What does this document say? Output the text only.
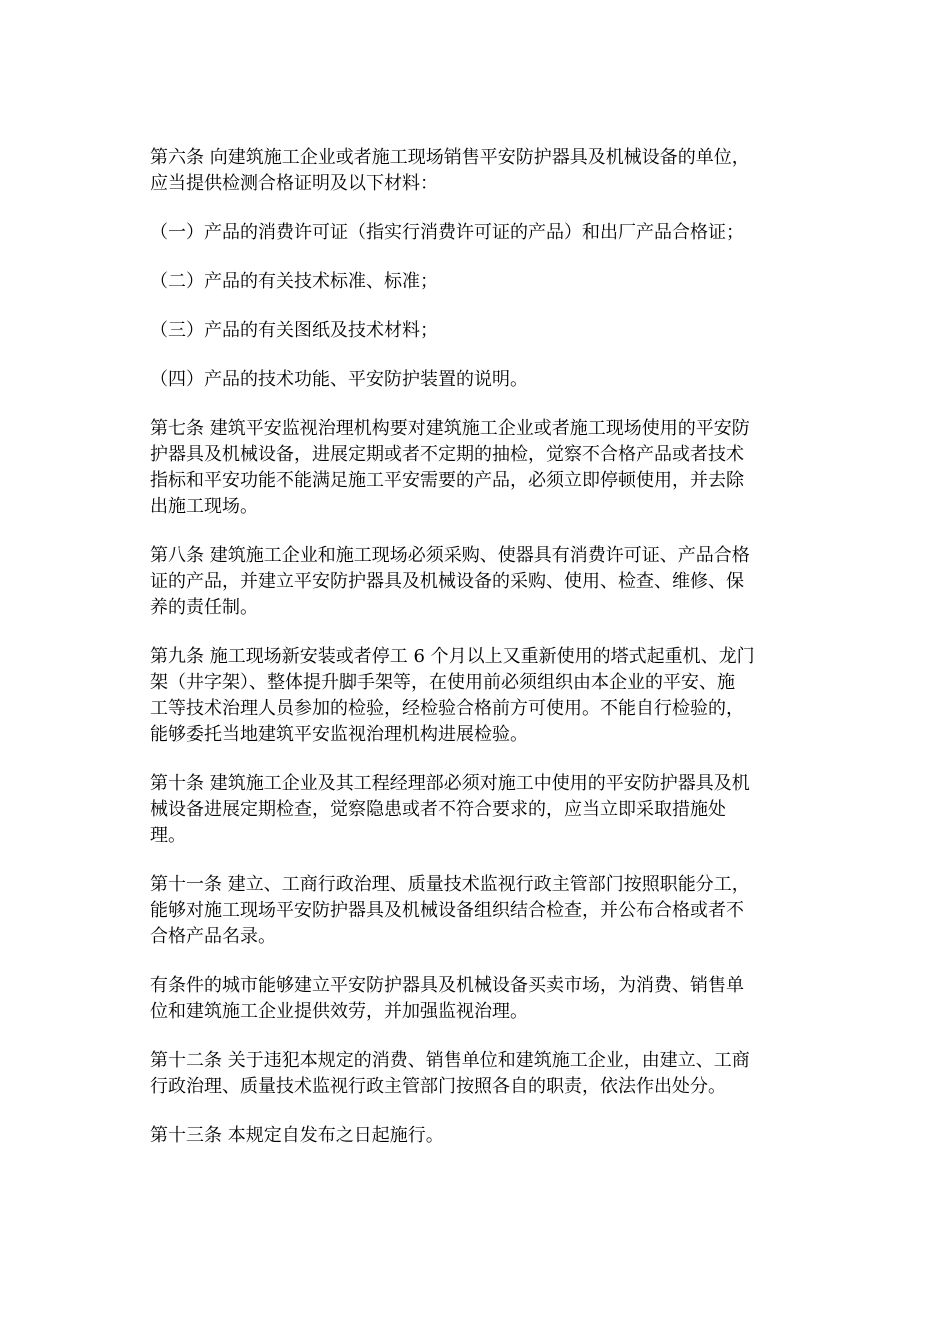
第六条 向建筑施工企业或者施工现场销售平安防护器具及机械设备的单位，
应当提供检测合格证明及以下材料：

（一）产品的消费许可证（指实行消费许可证的产品）和出厂产品合格证；

（二）产品的有关技术标准、标准；

（三）产品的有关图纸及技术材料；

（四）产品的技术功能、平安防护装置的说明。

第七条 建筑平安监视治理机构要对建筑施工企业或者施工现场使用的平安防
护器具及机械设备，进展定期或者不定期的抽检，觉察不合格产品或者技术
指标和平安功能不能满足施工平安需要的产品，必须立即停顿使用，并去除
出施工现场。

第八条 建筑施工企业和施工现场必须采购、使器具有消费许可证、产品合格
证的产品，并建立平安防护器具及机械设备的采购、使用、检查、维修、保
养的责任制。

第九条 施工现场新安装或者停工 6 个月以上又重新使用的塔式起重机、龙门
架（井字架）、整体提升脚手架等，在使用前必须组织由本企业的平安、施
工等技术治理人员参加的检验，经检验合格前方可使用。不能自行检验的，
能够委托当地建筑平安监视治理机构进展检验。

第十条 建筑施工企业及其工程经理部必须对施工中使用的平安防护器具及机
械设备进展定期检查，觉察隐患或者不符合要求的，应当立即采取措施处
理。

第十一条 建立、工商行政治理、质量技术监视行政主管部门按照职能分工，
能够对施工现场平安防护器具及机械设备组织结合检查，并公布合格或者不
合格产品名录。

有条件的城市能够建立平安防护器具及机械设备买卖市场，为消费、销售单
位和建筑施工企业提供效劳，并加强监视治理。

第十二条 关于违犯本规定的消费、销售单位和建筑施工企业，由建立、工商
行政治理、质量技术监视行政主管部门按照各自的职责，依法作出处分。

第十三条 本规定自发布之日起施行。
